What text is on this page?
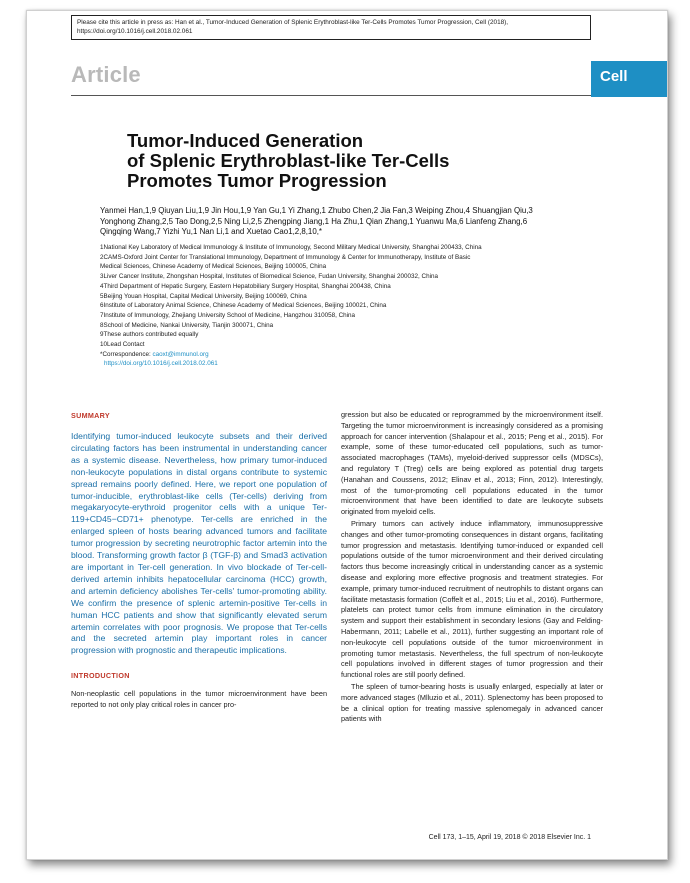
Please cite this article in press as: Han et al., Tumor-Induced Generation of Splenic Erythroblast-like Ter-Cells Promotes Tumor Progression, Cell (2018), https://doi.org/10.1016/j.cell.2018.02.061
Article	Cell
Tumor-Induced Generation
of Splenic Erythroblast-like Ter-Cells
Promotes Tumor Progression
Yanmei Han,1,9 Qiuyan Liu,1,9 Jin Hou,1,9 Yan Gu,1 Yi Zhang,1 Zhubo Chen,2 Jia Fan,3 Weiping Zhou,4 Shuangjian Qiu,3
Yonghong Zhang,2,5 Tao Dong,2,5 Ning Li,2,5 Zhengping Jiang,1 Ha Zhu,1 Qian Zhang,1 Yuanwu Ma,6 Lianfeng Zhang,6
Qingqing Wang,7 Yizhi Yu,1 Nan Li,1 and Xuetao Cao1,2,8,10,*
1National Key Laboratory of Medical Immunology & Institute of Immunology, Second Military Medical University, Shanghai 200433, China
2CAMS-Oxford Joint Center for Translational Immunology, Department of Immunology & Center for Immunotherapy, Institute of Basic
Medical Sciences, Chinese Academy of Medical Sciences, Beijing 100005, China
3Liver Cancer Institute, Zhongshan Hospital, Institutes of Biomedical Science, Fudan University, Shanghai 200032, China
4Third Department of Hepatic Surgery, Eastern Hepatobiliary Surgery Hospital, Shanghai 200438, China
5Beijing Youan Hospital, Capital Medical University, Beijing 100069, China
6Institute of Laboratory Animal Science, Chinese Academy of Medical Sciences, Beijing 100021, China
7Institute of Immunology, Zhejiang University School of Medicine, Hangzhou 310058, China
8School of Medicine, Nankai University, Tianjin 300071, China
9These authors contributed equally
10Lead Contact
*Correspondence: caoxt@immunol.org
https://doi.org/10.1016/j.cell.2018.02.061
SUMMARY
Identifying tumor-induced leukocyte subsets and their derived circulating factors has been instrumental in understanding cancer as a systemic disease. Nevertheless, how primary tumor-induced non-leukocyte populations in distal organs contribute to systemic spread remains poorly defined. Here, we report one population of tumor-inducible, erythroblast-like cells (Ter-cells) deriving from megakaryocyte-erythroid progenitor cells with a unique Ter-119+CD45−CD71+ phenotype. Ter-cells are enriched in the enlarged spleen of hosts bearing advanced tumors and facilitate tumor progression by secreting neurotrophic factor artemin into the blood. Transforming growth factor β (TGF-β) and Smad3 activation are important in Ter-cell generation. In vivo blockade of Ter-cell-derived artemin inhibits hepatocellular carcinoma (HCC) growth, and artemin deficiency abolishes Ter-cells' tumor-promoting ability. We confirm the presence of splenic artemin-positive Ter-cells in human HCC patients and show that significantly elevated serum artemin correlates with poor prognosis. We propose that Ter-cells and the secreted artemin play important roles in cancer progression with prognostic and therapeutic implications.
INTRODUCTION
Non-neoplastic cell populations in the tumor microenvironment have been reported to not only play critical roles in cancer pro-

gression but also be educated or reprogrammed by the microenvironment itself. Targeting the tumor microenvironment is increasingly considered as a promising approach for cancer intervention (Shalapour et al., 2015; Peng et al., 2015). For example, some of these tumor-educated cell populations, such as tumor-associated macrophages (TAMs), myeloid-derived suppressor cells (MDSCs), and regulatory T (Treg) cells are being explored as potential drug targets (Hanahan and Coussens, 2012; Elinav et al., 2013; Finn, 2012). Interestingly, most of the tumor-promoting cell populations educated in the tumor microenvironment that have been identified to date are leukocyte subsets originated from myeloid cells.

Primary tumors can actively induce inflammatory, immunosuppressive changes and other tumor-promoting consequences in distant organs, facilitating tumor progression and metastasis. Identifying tumor-induced or expanded cell populations outside of the tumor microenvironment and their derived circulating factors thus become increasingly critical in understanding cancer as a systemic disease and exploring more effective prognosis and treatment strategies. For example, primary tumor-induced recruitment of neutrophils to distant organs can facilitate metastasis formation (Coffelt et al., 2015; Liu et al., 2016). Furthermore, platelets can protect tumor cells from immune elimination in the circulatory system and support their establishment in secondary lesions (Gay and Felding-Habermann, 2011; Labelle et al., 2011), further suggesting an important role of non-leukocyte cell populations outside of the tumor microenvironment in promoting tumor metastasis. Nevertheless, the full spectrum of non-leukocyte cell populations involved in different stages of tumor progression and their functional roles are still poorly defined.

The spleen of tumor-bearing hosts is usually enlarged, especially at later or more advanced stages (Mlluzio et al., 2011). Splenectomy has been proposed to be a clinical option for treating massive splenomegaly in advanced cancer patients with

Cell 173, 1–15, April 19, 2018 © 2018 Elsevier Inc. 1
